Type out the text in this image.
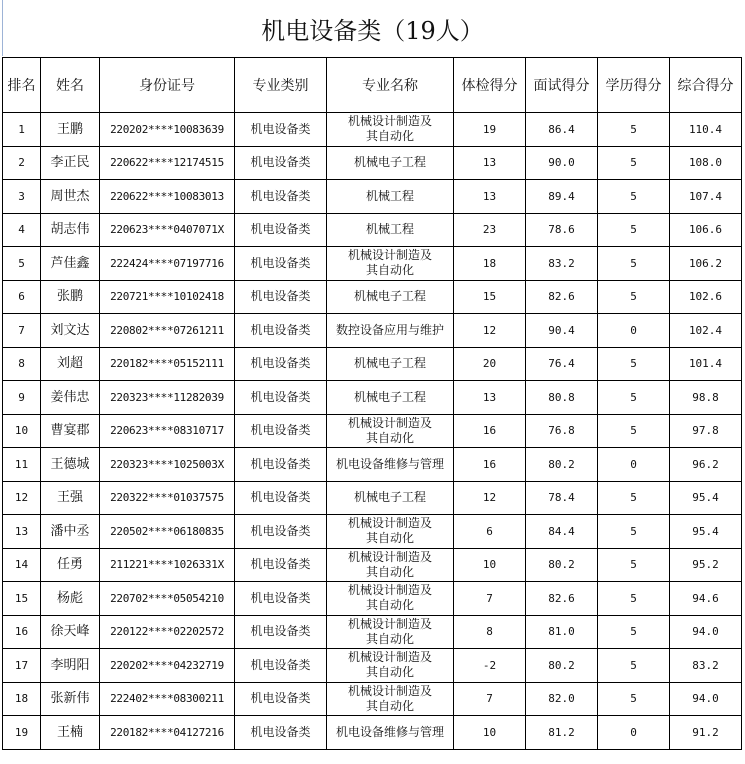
机电设备类（19人）
排名	姓名	身份证号	专业类别	专业名称	体检得分	面试得分	学历得分	综合得分
1	王鹏	220202****10083639	机电设备类	机械设计制造及其自动化	19	86.4	5	110.4
2	李正民	220622****12174515	机电设备类	机械电子工程	13	90.0	5	108.0
3	周世杰	220622****10083013	机电设备类	机械工程	13	89.4	5	107.4
4	胡志伟	220623****0407071X	机电设备类	机械工程	23	78.6	5	106.6
5	芦佳鑫	222424****07197716	机电设备类	机械设计制造及其自动化	18	83.2	5	106.2
6	张鹏	220721****10102418	机电设备类	机械电子工程	15	82.6	5	102.6
7	刘文达	220802****07261211	机电设备类	数控设备应用与维护	12	90.4	0	102.4
8	刘超	220182****05152111	机电设备类	机械电子工程	20	76.4	5	101.4
9	姜伟忠	220323****11282039	机电设备类	机械电子工程	13	80.8	5	98.8
10	曹宴郡	220623****08310717	机电设备类	机械设计制造及其自动化	16	76.8	5	97.8
11	王德城	220323****1025003X	机电设备类	机电设备维修与管理	16	80.2	0	96.2
12	王强	220322****01037575	机电设备类	机械电子工程	12	78.4	5	95.4
13	潘中丞	220502****06180835	机电设备类	机械设计制造及其自动化	6	84.4	5	95.4
14	任勇	211221****1026331X	机电设备类	机械设计制造及其自动化	10	80.2	5	95.2
15	杨彪	220702****05054210	机电设备类	机械设计制造及其自动化	7	82.6	5	94.6
16	徐天峰	220122****02202572	机电设备类	机械设计制造及其自动化	8	81.0	5	94.0
17	李明阳	220202****04232719	机电设备类	机械设计制造及其自动化	-2	80.2	5	83.2
18	张新伟	222402****08300211	机电设备类	机械设计制造及其自动化	7	82.0	5	94.0
19	王楠	220182****04127216	机电设备类	机电设备维修与管理	10	81.2	0	91.2
